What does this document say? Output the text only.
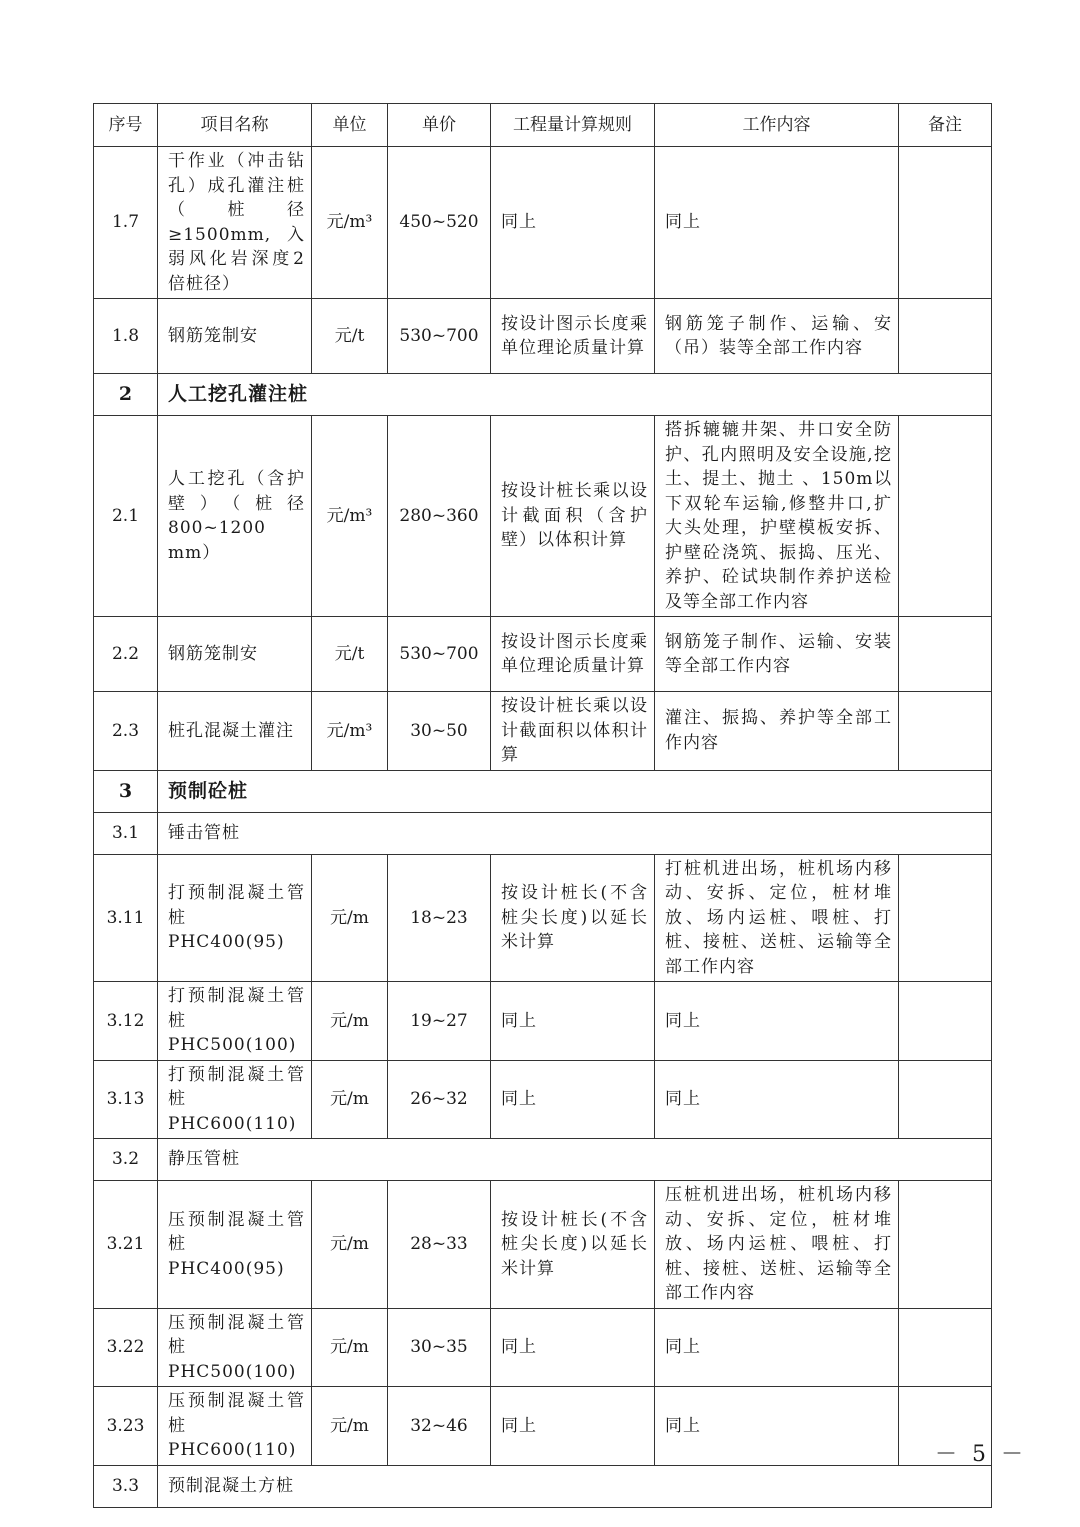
序号	项目名称	单位	单价	工程量计算规则	工作内容	备注
1.7	干作业（冲击钻孔）成孔灌注桩（桩径≥1500mm,入弱风化岩深度2倍桩径）	元/m³	450~520	同上	同上	
1.8	钢筋笼制安	元/t	530~700	按设计图示长度乘单位理论质量计算	钢筋笼子制作、运输、安（吊）装等全部工作内容	
2	人工挖孔灌注桩					
2.1	人工挖孔（含护壁）（桩径800~1200 mm）	元/m³	280~360	按设计桩长乘以设计截面积（含护壁）以体积计算	搭拆辘辘井架、井口安全防护、孔内照明及安全设施,挖土、提土、抛土 、150m以下双轮车运输,修整井口,扩大头处理，护壁模板安拆、护壁砼浇筑、振捣、压光、养护、砼试块制作养护送检及等全部工作内容	
2.2	钢筋笼制安	元/t	530~700	按设计图示长度乘单位理论质量计算	钢筋笼子制作、运输、安装等全部工作内容	
2.3	桩孔混凝土灌注	元/m³	30~50	按设计桩长乘以设计截面积以体积计算	灌注、振捣、养护等全部工作内容	
3	预制砼桩					
3.1	锤击管桩					
3.11	打预制混凝土管桩 PHC400(95)	元/m	18~23	按设计桩长(不含桩尖长度)以延长米计算	打桩机进出场，桩机场内移动、安拆、定位，桩材堆放、场内运桩、喂桩、打桩、接桩、送桩、运输等全部工作内容	
3.12	打预制混凝土管桩 PHC500(100)	元/m	19~27	同上	同上	
3.13	打预制混凝土管桩 PHC600(110)	元/m	26~32	同上	同上	
3.2	静压管桩					
3.21	压预制混凝土管桩 PHC400(95)	元/m	28~33	按设计桩长(不含桩尖长度)以延长米计算	压桩机进出场，桩机场内移动、安拆、定位，桩材堆放、场内运桩、喂桩、打桩、接桩、送桩、运输等全部工作内容	
3.22	压预制混凝土管桩 PHC500(100)	元/m	30~35	同上	同上	
3.23	压预制混凝土管桩 PHC600(110)	元/m	32~46	同上	同上	
3.3	预制混凝土方桩					
－ 5 －
